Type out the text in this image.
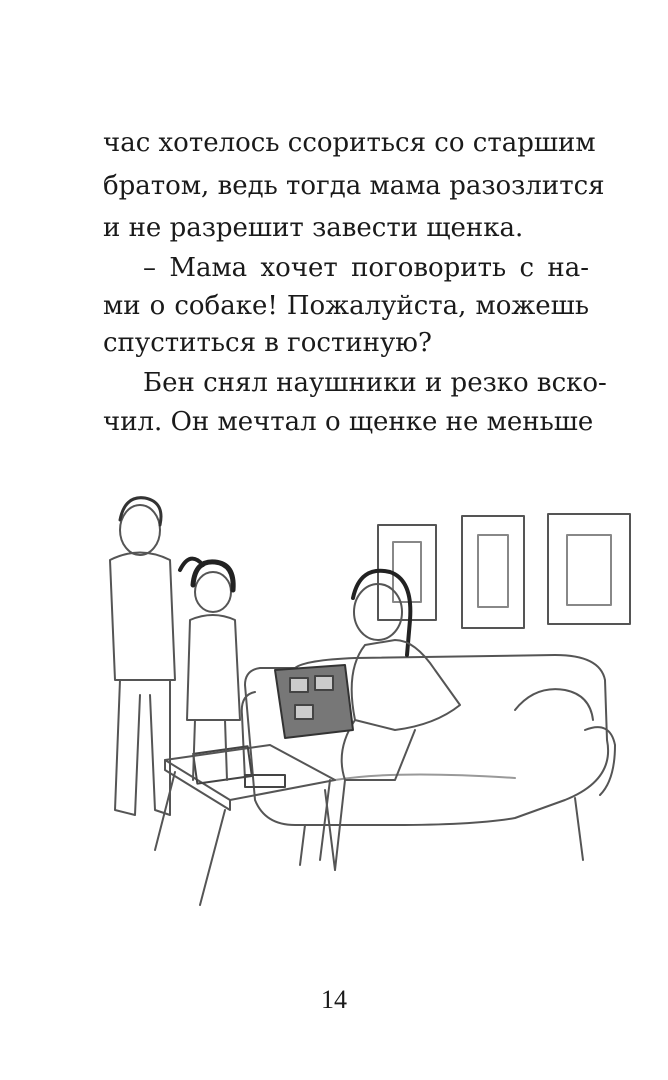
час хотелось ссориться со старшим
братом, ведь тогда мама разозлится
и не разрешит завести щенка.
– Мама хочет поговорить с на-
ми о собаке! Пожалуйста, можешь
спуститься в гостиную?
Бен снял наушники и резко вско-
чил. Он мечтал о щенке не меньше
14
